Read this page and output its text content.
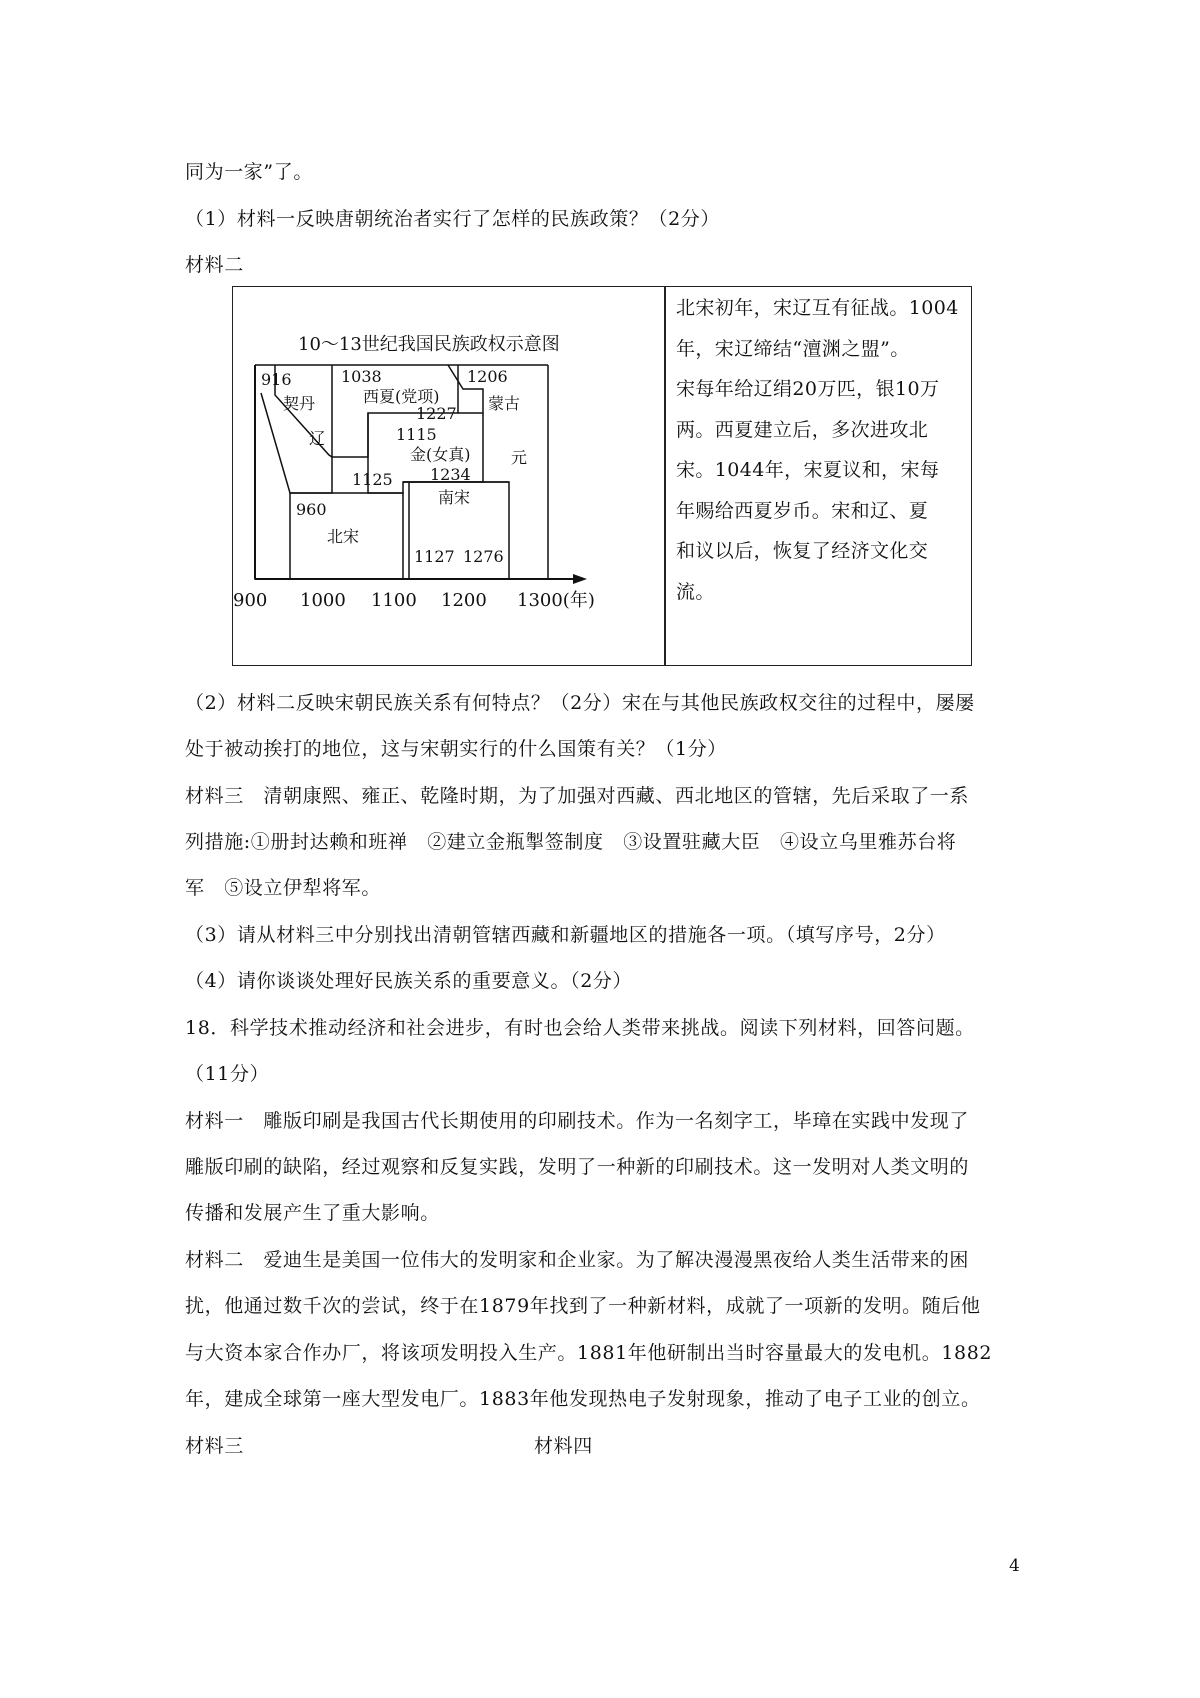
同为一家”了。
（1）材料一反映唐朝统治者实行了怎样的民族政策？（2分）
材料二
10～13世纪我国民族政权示意图
916
契丹
辽
1125
1038
西夏(党项)
1227
1206
蒙古
元
1115
金(女真)
1234
960
北宋
南宋
1127 1276
900 1000 1100 1200 1300(年)
北宋初年，宋辽互有征战。1004
年，宋辽缔结“澶渊之盟”。
宋每年给辽绢20万匹，银10万
两。西夏建立后，多次进攻北
宋。1044年，宋夏议和，宋每
年赐给西夏岁币。宋和辽、夏
和议以后，恢复了经济文化交
流。
（2）材料二反映宋朝民族关系有何特点？（2分）宋在与其他民族政权交往的过程中，屡屡
处于被动挨打的地位，这与宋朝实行的什么国策有关？（1分）
材料三　清朝康熙、雍正、乾隆时期，为了加强对西藏、西北地区的管辖，先后采取了一系
列措施:①册封达赖和班禅　②建立金瓶掣签制度　③设置驻藏大臣　④设立乌里雅苏台将
军　⑤设立伊犁将军。
（3）请从材料三中分别找出清朝管辖西藏和新疆地区的措施各一项。（填写序号，2分）
（4）请你谈谈处理好民族关系的重要意义。（2分）
18．科学技术推动经济和社会进步，有时也会给人类带来挑战。阅读下列材料，回答问题。
（11分）
材料一　雕版印刷是我国古代长期使用的印刷技术。作为一名刻字工，毕璋在实践中发现了
雕版印刷的缺陷，经过观察和反复实践，发明了一种新的印刷技术。这一发明对人类文明的
传播和发展产生了重大影响。
材料二　爱迪生是美国一位伟大的发明家和企业家。为了解决漫漫黑夜给人类生活带来的困
扰，他通过数千次的尝试，终于在1879年找到了一种新材料，成就了一项新的发明。随后他
与大资本家合作办厂，将该项发明投入生产。1881年他研制出当时容量最大的发电机。1882
年，建成全球第一座大型发电厂。1883年他发现热电子发射现象，推动了电子工业的创立。
材料三	材料四
4
